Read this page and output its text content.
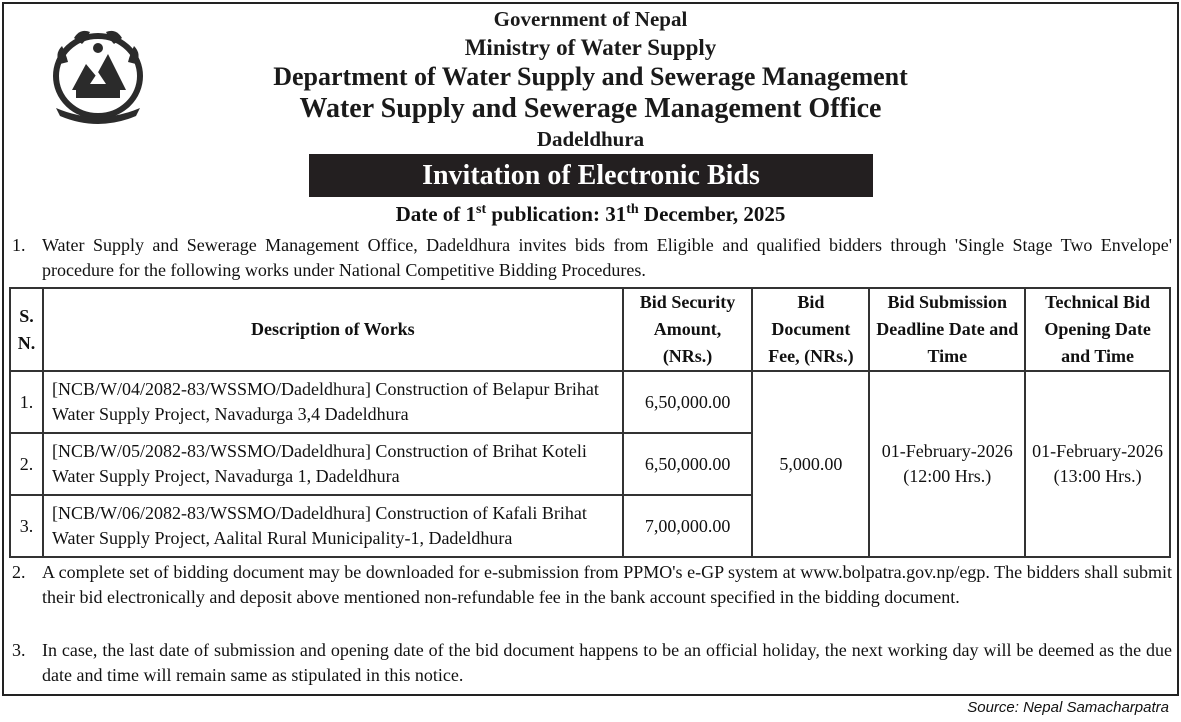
Government of Nepal
Ministry of Water Supply
Department of Water Supply and Sewerage Management
Water Supply and Sewerage Management Office
Dadeldhura
Invitation of Electronic Bids
Date of 1st publication: 31th December, 2025
1. Water Supply and Sewerage Management Office, Dadeldhura invites bids from Eligible and qualified bidders through 'Single Stage Two Envelope' procedure for the following works under National Competitive Bidding Procedures.
S. N.	Description of Works	Bid Security Amount, (NRs.)	Bid Document Fee, (NRs.)	Bid Submission Deadline Date and Time	Technical Bid Opening Date and Time
1.	[NCB/W/04/2082-83/WSSMO/Dadeldhura] Construction of Belapur Brihat Water Supply Project, Navadurga 3,4 Dadeldhura	6,50,000.00	5,000.00	01-February-2026 (12:00 Hrs.)	01-February-2026 (13:00 Hrs.)
2.	[NCB/W/05/2082-83/WSSMO/Dadeldhura] Construction of Brihat Koteli Water Supply Project, Navadurga 1, Dadeldhura	6,50,000.00			
3.	[NCB/W/06/2082-83/WSSMO/Dadeldhura] Construction of Kafali Brihat Water Supply Project, Aalital Rural Municipality-1, Dadeldhura	7,00,000.00			
2. A complete set of bidding document may be downloaded for e-submission from PPMO's e-GP system at www.bolpatra.gov.np/egp. The bidders shall submit their bid electronically and deposit above mentioned non-refundable fee in the bank account specified in the bidding document.
3. In case, the last date of submission and opening date of the bid document happens to be an official holiday, the next working day will be deemed as the due date and time will remain same as stipulated in this notice.
Source: Nepal Samacharpatra
